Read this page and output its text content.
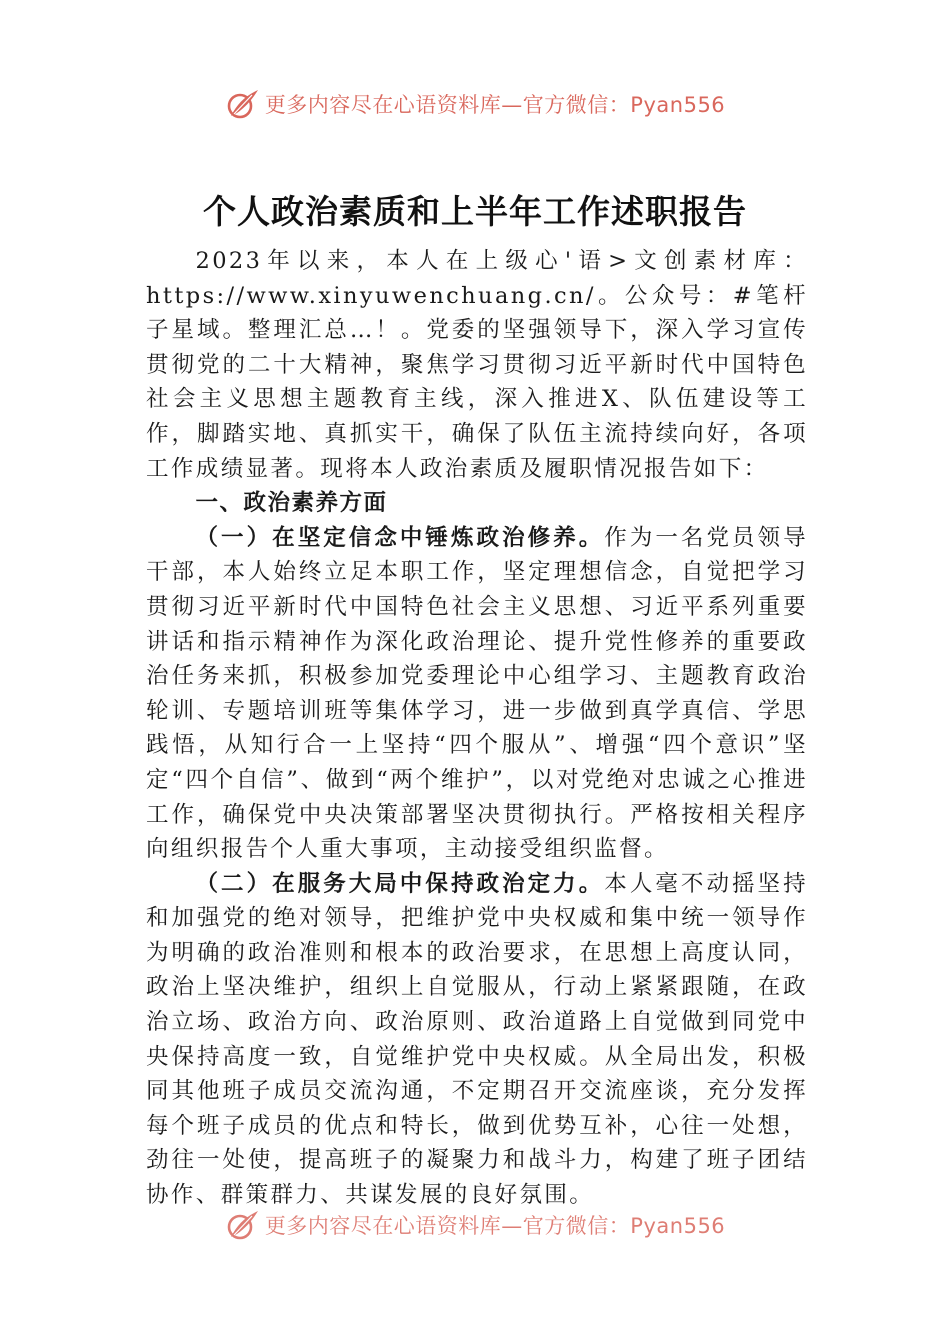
更多内容尽在心语资料库—官方微信：Pyan556
个人政治素质和上半年工作述职报告

2023年以来，本人在上级心'语>文创素材库：https://www.xinyuwenchuang.cn/。公众号：#笔杆子星域。整理汇总…！。党委的坚强领导下，深入学习宣传贯彻党的二十大精神，聚焦学习贯彻习近平新时代中国特色社会主义思想主题教育主线，深入推进X、队伍建设等工作，脚踏实地、真抓实干，确保了队伍主流持续向好，各项工作成绩显著。现将本人政治素质及履职情况报告如下：

一、政治素养方面

（一）在坚定信念中锤炼政治修养。作为一名党员领导干部，本人始终立足本职工作，坚定理想信念，自觉把学习贯彻习近平新时代中国特色社会主义思想、习近平系列重要讲话和指示精神作为深化政治理论、提升党性修养的重要政治任务来抓，积极参加党委理论中心组学习、主题教育政治轮训、专题培训班等集体学习，进一步做到真学真信、学思践悟，从知行合一上坚持“四个服从”、增强“四个意识”坚定“四个自信”、做到“两个维护”，以对党绝对忠诚之心推进工作，确保党中央决策部署坚决贯彻执行。严格按相关程序向组织报告个人重大事项，主动接受组织监督。

（二）在服务大局中保持政治定力。本人毫不动摇坚持和加强党的绝对领导，把维护党中央权威和集中统一领导作为明确的政治准则和根本的政治要求，在思想上高度认同，政治上坚决维护，组织上自觉服从，行动上紧紧跟随，在政治立场、政治方向、政治原则、政治道路上自觉做到同党中央保持高度一致，自觉维护党中央权威。从全局出发，积极同其他班子成员交流沟通，不定期召开交流座谈，充分发挥每个班子成员的优点和特长，做到优势互补，心往一处想，劲往一处使，提高班子的凝聚力和战斗力，构建了班子团结协作、群策群力、共谋发展的良好氛围。

更多内容尽在心语资料库—官方微信：Pyan556
